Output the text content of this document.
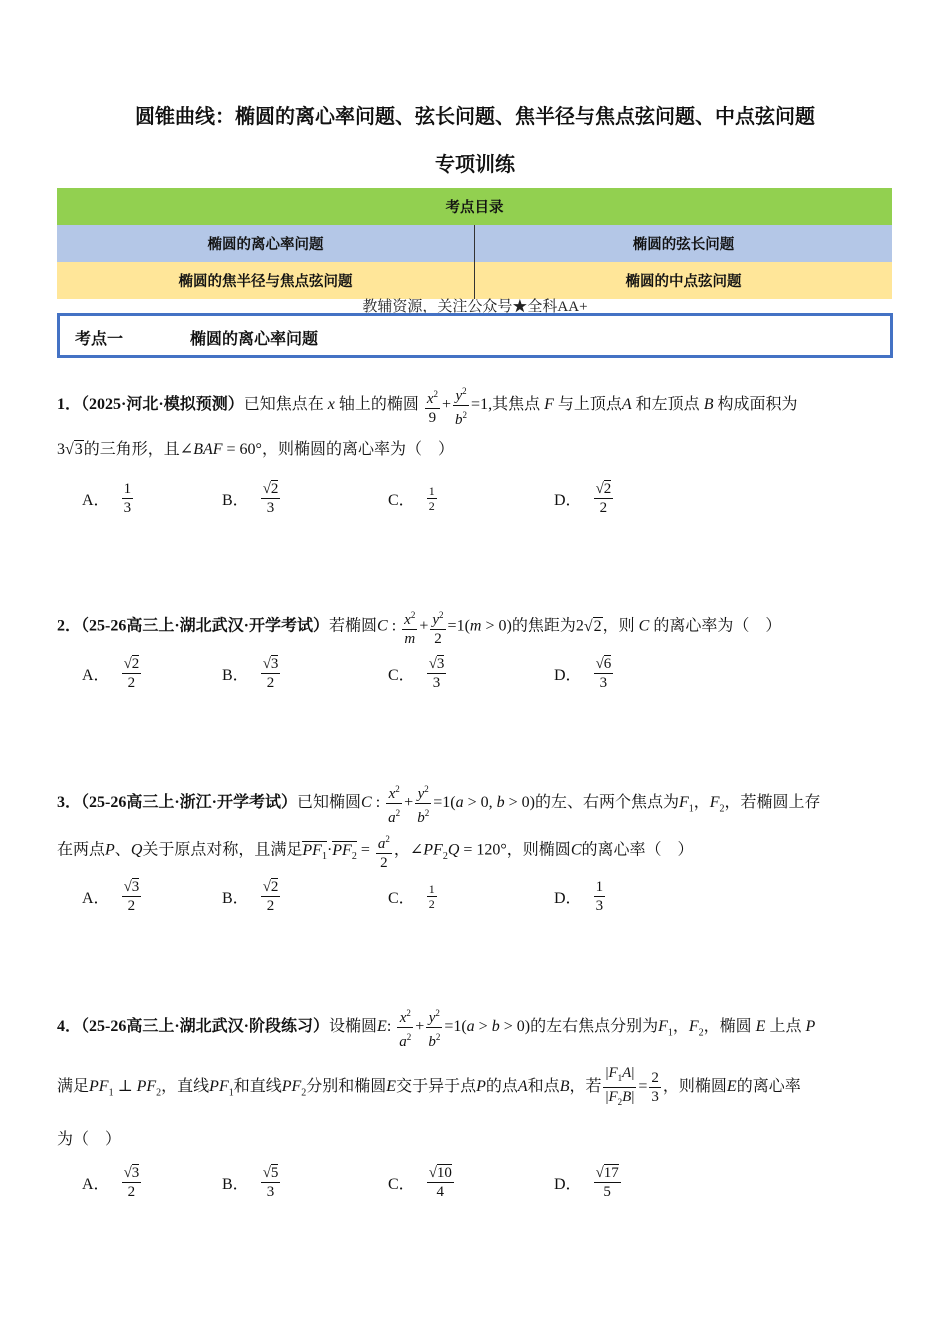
圆锥曲线：椭圆的离心率问题、弦长问题、焦半径与焦点弦问题、中点弦问题
专项训练
考点目录	
椭圆的离心率问题	椭圆的弦长问题
椭圆的焦半径与焦点弦问题	椭圆的中点弦问题
教辅资源，关注公众号★全科AA+
考点一	椭圆的离心率问题
1．（2025·河北·模拟预测）已知焦点在 x 轴上的椭圆 $\frac{x^2}{9} + \frac{y^2}{b^2} =1$,其焦点 F 与上顶点A 和左顶点 B 构成面积为
3√3的三角形，且∠BAF = 60°，则椭圆的离心率为（　）
A． $\frac{1}{3}$	B． $\frac{√2}{3}$	C． $\frac{1}{2}$	D． $\frac{√2}{2}$
2．（25-26高三上·湖北武汉·开学考试）若椭圆C : $\frac{x^2}{m} + \frac{y^2}{2} =1(m > 0)$的焦距为2√2，则 C 的离心率为（　）
A． $\frac{√2}{2}$	B． $\frac{√3}{2}$	C． $\frac{√3}{3}$	D． $\frac{√6}{3}$
3．（25-26高三上·浙江·开学考试）已知椭圆C : $\frac{x^2}{a^2} + \frac{y^2}{b^2} =1(a > 0$, b > 0)的左、右两个焦点为$F_1$，$F_2$，若椭圆上存
在两点P、Q关于原点对称，且满足$PF_1\cdot PF_2 = \frac{a^2}{2}$ ，$\angle PF_2Q = 120^\circ$，则椭圆C的离心率（　）
A． $\frac{√3}{2}$	B． $\frac{√2}{2}$	C． $\frac{1}{2}$	D． $\frac{1}{3}$
4．（25-26高三上·湖北武汉·阶段练习）设椭圆E: $\frac{x^2}{a^2} + \frac{y^2}{b^2} =1(a > b > 0)$的左右焦点分别为$F_1$，$F_2$，椭圆 E 上点 P
满足$PF_1$ ⊥ $PF_2$，直线$PF_1$和直线$PF_2$分别和椭圆E交于异于点P的点A和点B，若 $\frac{|F_1A|}{|F_2B|} = \frac{2}{3}$ ，则椭圆E的离心率
为（　）
A． $\frac{√3}{2}$	B． $\frac{√5}{3}$	C． $\frac{√10}{4}$	D． $\frac{√17}{5}$
